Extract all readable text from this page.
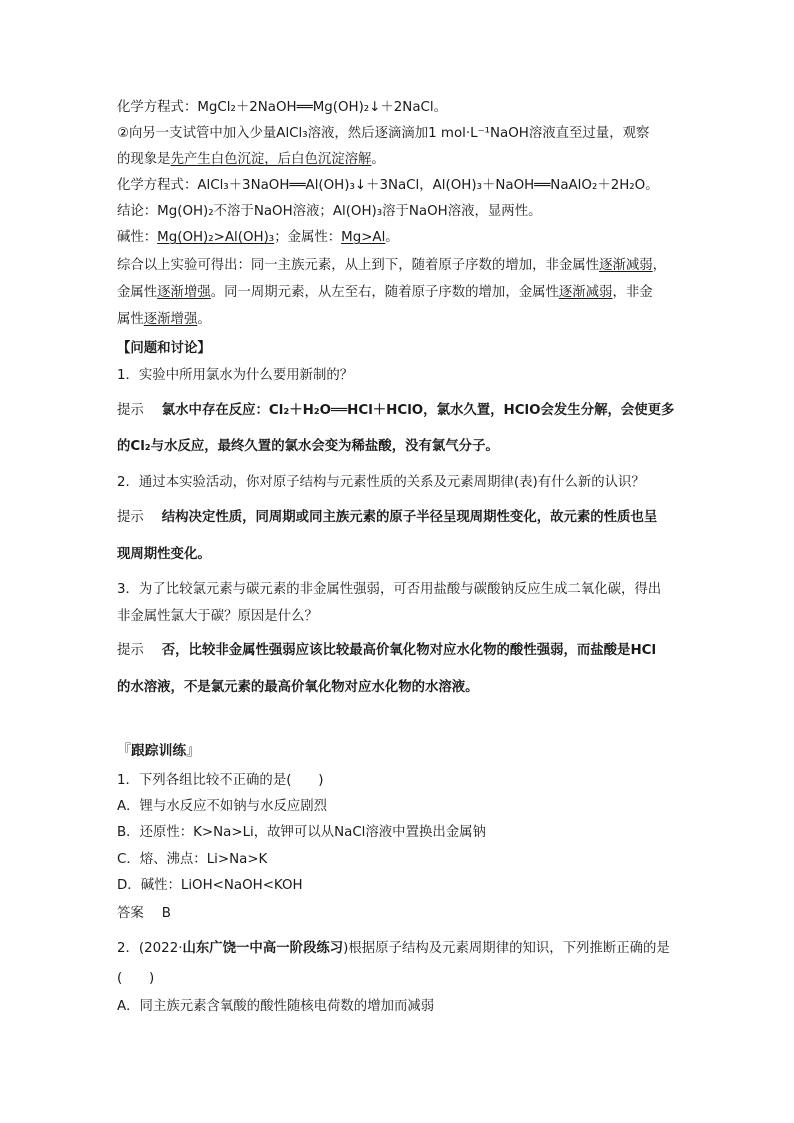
化学方程式：MgCl₂＋2NaOH══Mg(OH)₂↓＋2NaCl。
②向另一支试管中加入少量AlCl₃溶液，然后逐滴滴加1 mol·L⁻¹NaOH溶液直至过量，观察
的现象是先产生白色沉淀，后白色沉淀溶解。
化学方程式：AlCl₃＋3NaOH══Al(OH)₃↓＋3NaCl，Al(OH)₃＋NaOH══NaAlO₂＋2H₂O。
结论：Mg(OH)₂不溶于NaOH溶液；Al(OH)₃溶于NaOH溶液，显两性。
碱性：Mg(OH)₂>Al(OH)₃；金属性：Mg>Al。
综合以上实验可得出：同一主族元素，从上到下，随着原子序数的增加，非金属性逐渐减弱，
金属性逐渐增强。同一周期元素，从左至右，随着原子序数的增加，金属性逐渐减弱，非金
属性逐渐增强。
【问题和讨论】
1．实验中所用氯水为什么要用新制的？
提示 氯水中存在反应：Cl₂＋H₂O══HCl＋HClO，氯水久置，HClO会发生分解，会使更多
的Cl₂与水反应，最终久置的氯水会变为稀盐酸，没有氯气分子。
2．通过本实验活动，你对原子结构与元素性质的关系及元素周期律(表)有什么新的认识？
提示 结构决定性质，同周期或同主族元素的原子半径呈现周期性变化，故元素的性质也呈
现周期性变化。
3．为了比较氯元素与碳元素的非金属性强弱，可否用盐酸与碳酸钠反应生成二氧化碳，得出
非金属性氯大于碳？原因是什么？
提示 否，比较非金属性强弱应该比较最高价氧化物对应水化物的酸性强弱，而盐酸是HCl
的水溶液，不是氯元素的最高价氧化物对应水化物的水溶液。
『跟踪训练』
1．下列各组比较不正确的是(　　)
A．锂与水反应不如钠与水反应剧烈
B．还原性：K>Na>Li，故钾可以从NaCl溶液中置换出金属钠
C．熔、沸点：Li>Na>K
D．碱性：LiOH<NaOH<KOH
答案 B
2．(2022·山东广饶一中高一阶段练习)根据原子结构及元素周期律的知识，下列推断正确的是
(　　)
A．同主族元素含氧酸的酸性随核电荷数的增加而减弱
